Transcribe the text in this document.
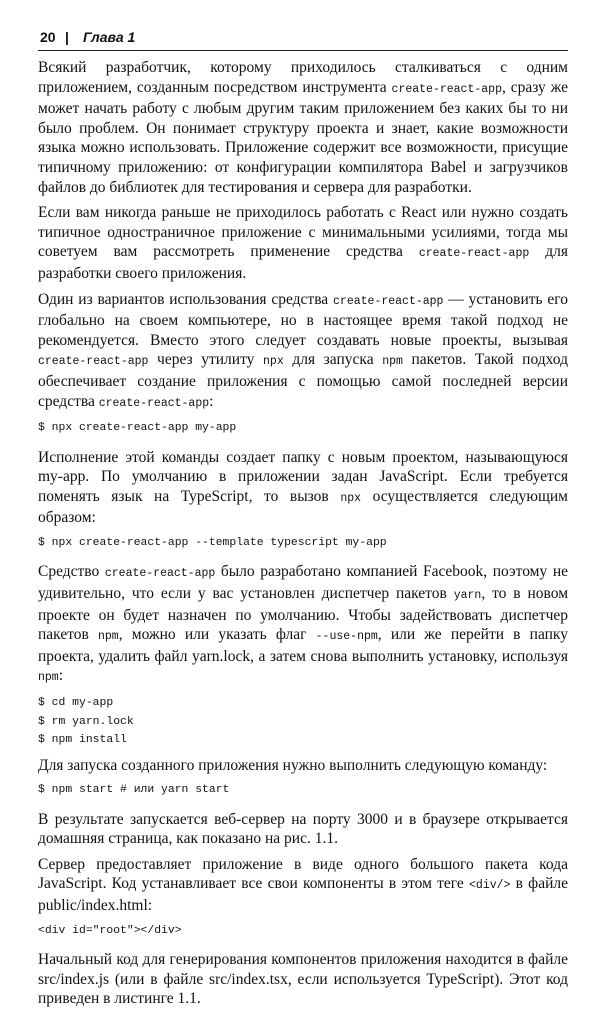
20 | Глава 1

Всякий разработчик, которому приходилось сталкиваться с одним приложением, созданным посредством инструмента create-react-app, сразу же может начать работу с любым другим таким приложением без каких бы то ни было проблем. Он понимает структуру проекта и знает, какие возможности языка можно использовать. Приложение содержит все возможности, присущие типичному приложению: от конфигурации компилятора Babel и загрузчиков файлов до библиотек для тестирования и сервера для разработки.

Если вам никогда раньше не приходилось работать с React или нужно создать типичное одностраничное приложение с минимальными усилиями, тогда мы советуем вам рассмотреть применение средства create-react-app для разработки своего приложения.

Один из вариантов использования средства create-react-app — установить его глобально на своем компьютере, но в настоящее время такой подход не рекомендуется. Вместо этого следует создавать новые проекты, вызывая create-react-app через утилиту npx для запуска npm пакетов. Такой подход обеспечивает создание приложения с помощью самой последней версии средства create-react-app:

$ npx create-react-app my-app

Исполнение этой команды создает папку с новым проектом, называющуюся my-app. По умолчанию в приложении задан JavaScript. Если требуется поменять язык на TypeScript, то вызов npx осуществляется следующим образом:

$ npx create-react-app --template typescript my-app

Средство create-react-app было разработано компанией Facebook, поэтому не удивительно, что если у вас установлен диспетчер пакетов yarn, то в новом проекте он будет назначен по умолчанию. Чтобы задействовать диспетчер пакетов npm, можно или указать флаг --use-npm, или же перейти в папку проекта, удалить файл yarn.lock, а затем снова выполнить установку, используя npm:

$ cd my-app
$ rm yarn.lock
$ npm install

Для запуска созданного приложения нужно выполнить следующую команду:

$ npm start # или yarn start

В результате запускается веб-сервер на порту 3000 и в браузере открывается домашняя страница, как показано на рис. 1.1.

Сервер предоставляет приложение в виде одного большого пакета кода JavaScript. Код устанавливает все свои компоненты в этом теге <div/> в файле public/index.html:

<div id="root"></div>

Начальный код для генерирования компонентов приложения находится в файле src/index.js (или в файле src/index.tsx, если используется TypeScript). Этот код приведен в листинге 1.1.
